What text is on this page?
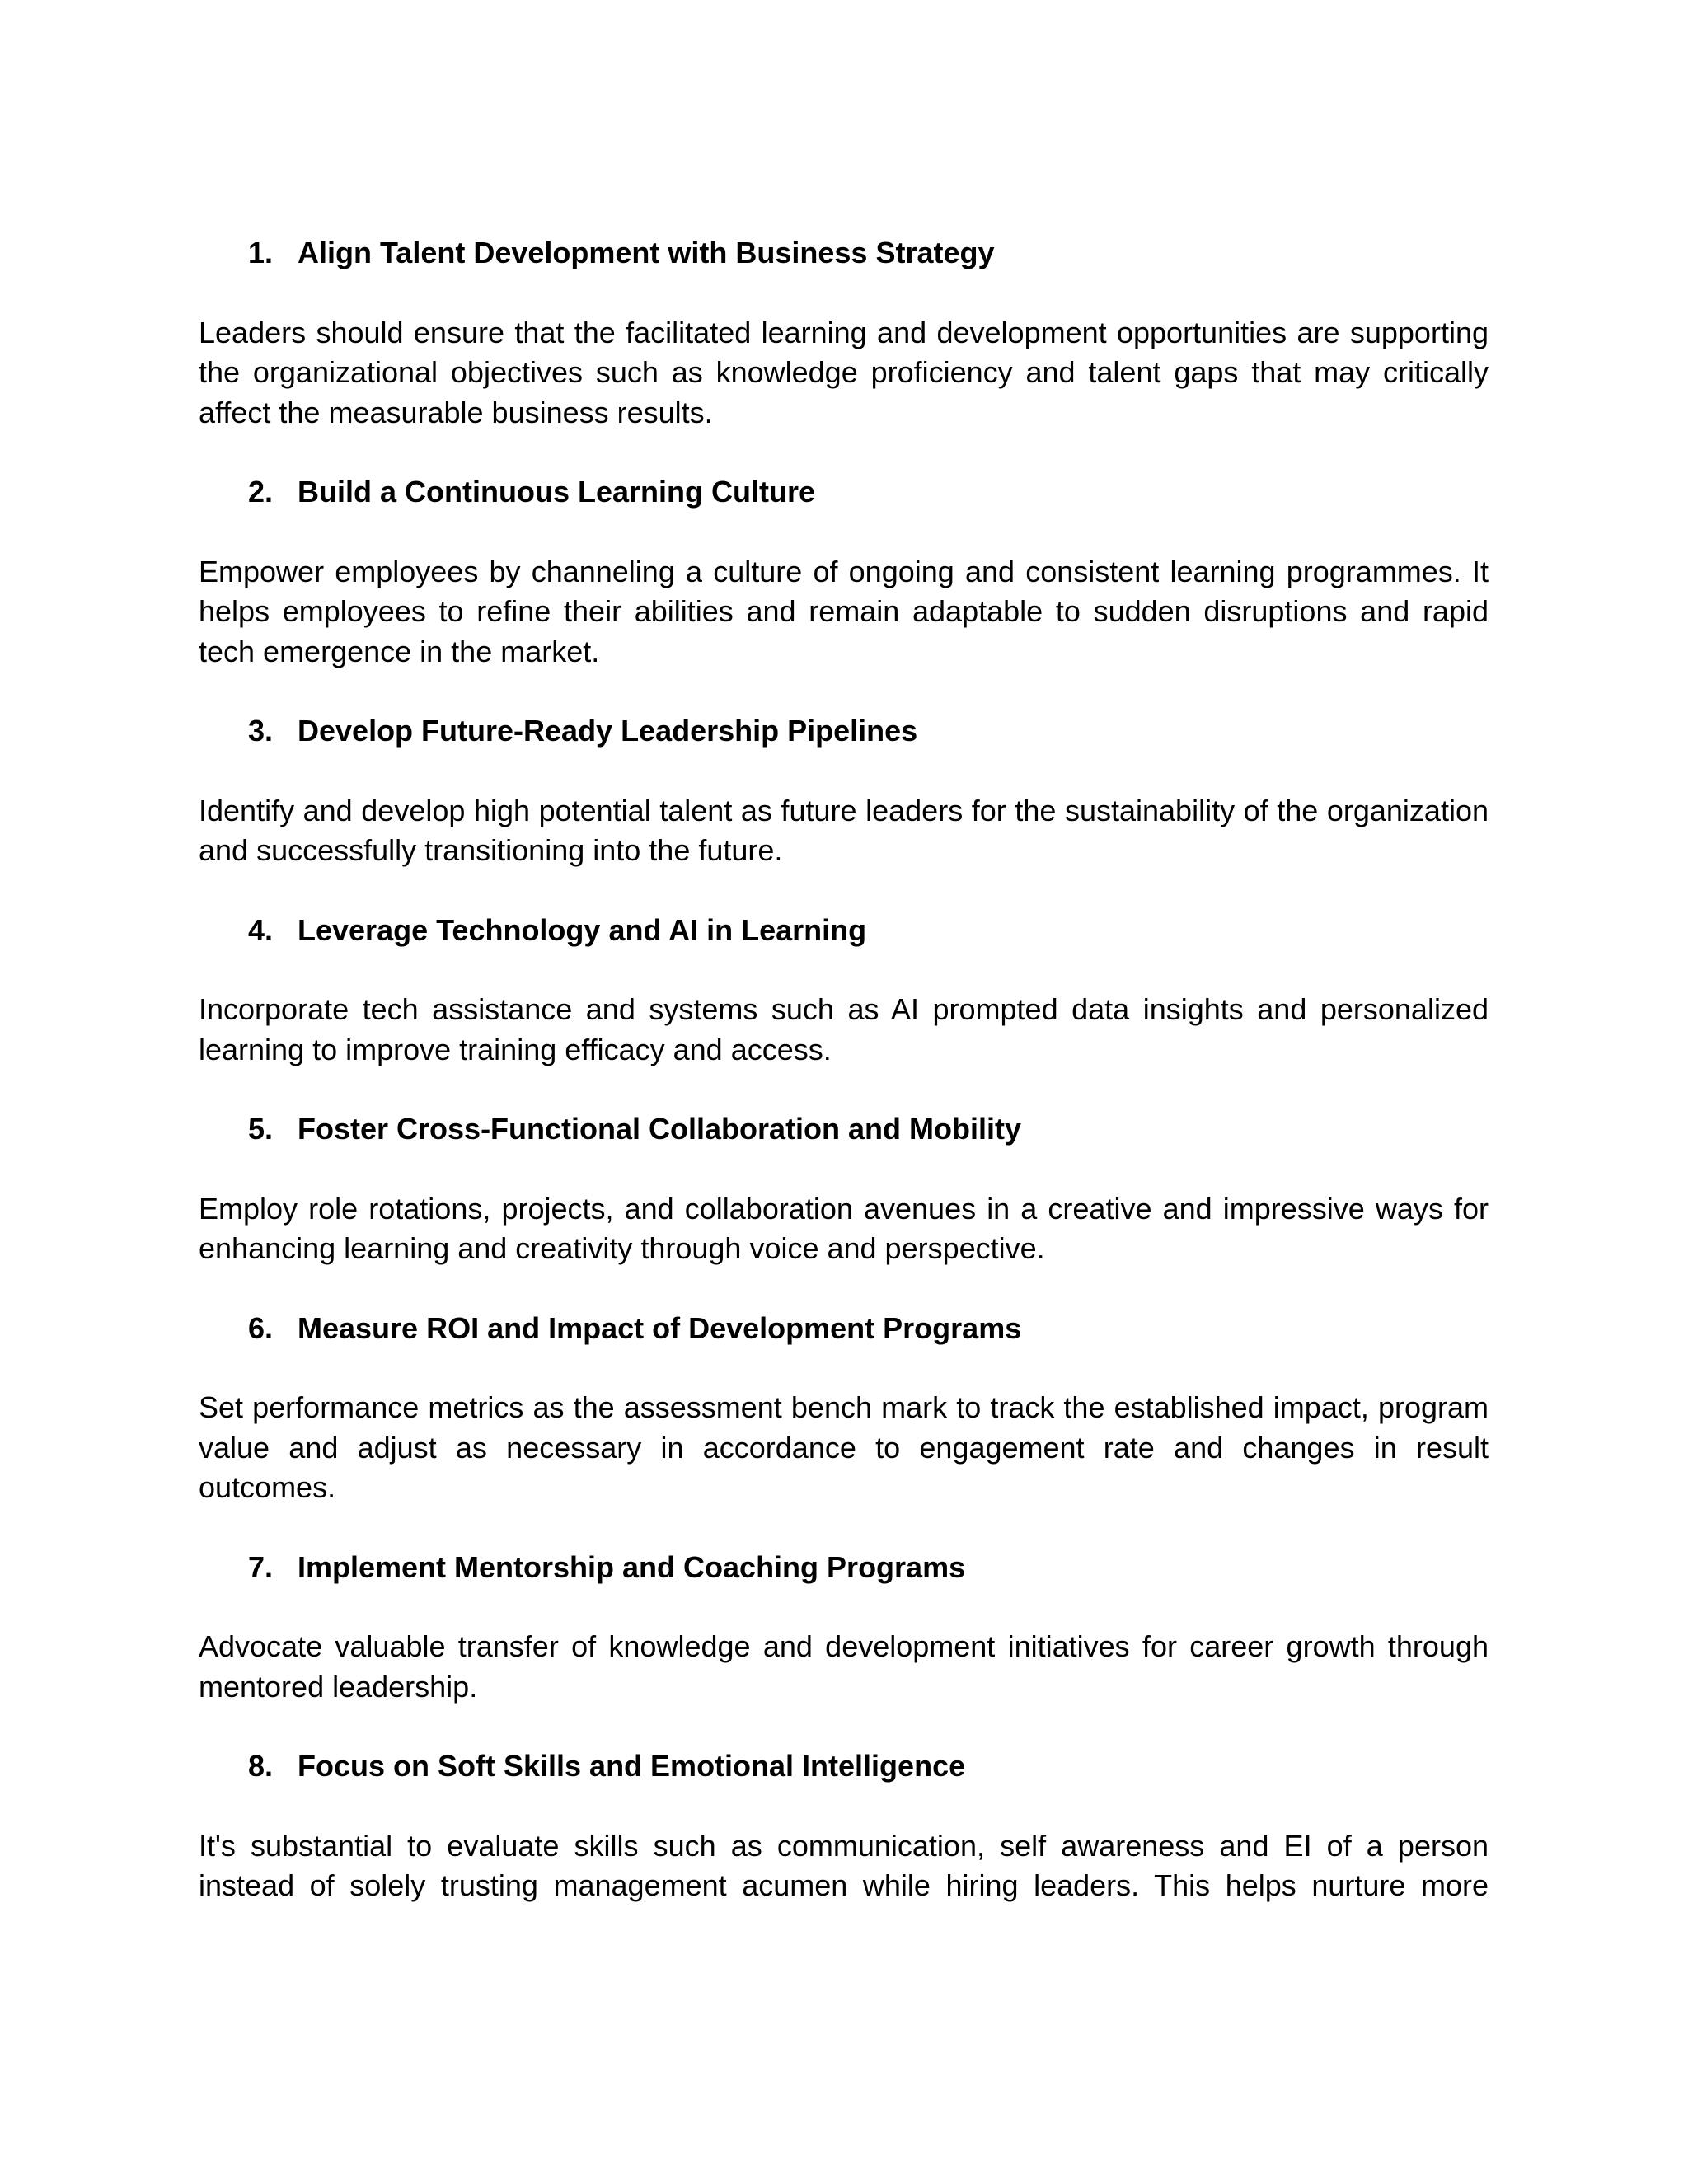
1. Align Talent Development with Business Strategy

Leaders should ensure that the facilitated learning and development opportunities are supporting the organizational objectives such as knowledge proficiency and talent gaps that may critically affect the measurable business results.

2. Build a Continuous Learning Culture

Empower employees by channeling a culture of ongoing and consistent learning programmes. It helps employees to refine their abilities and remain adaptable to sudden disruptions and rapid tech emergence in the market.

3. Develop Future-Ready Leadership Pipelines

Identify and develop high potential talent as future leaders for the sustainability of the organization and successfully transitioning into the future.

4. Leverage Technology and AI in Learning

Incorporate tech assistance and systems such as AI prompted data insights and personalized learning to improve training efficacy and access.

5. Foster Cross-Functional Collaboration and Mobility

Employ role rotations, projects, and collaboration avenues in a creative and impressive ways for enhancing learning and creativity through voice and perspective.

6. Measure ROI and Impact of Development Programs

Set performance metrics as the assessment bench mark to track the established impact, program value and adjust as necessary in accordance to engagement rate and changes in result outcomes.

7. Implement Mentorship and Coaching Programs

Advocate valuable transfer of knowledge and development initiatives for career growth through mentored leadership.

8. Focus on Soft Skills and Emotional Intelligence

It's substantial to evaluate skills such as communication, self awareness and EI of a person instead of solely trusting management acumen while hiring leaders. This helps nurture more
